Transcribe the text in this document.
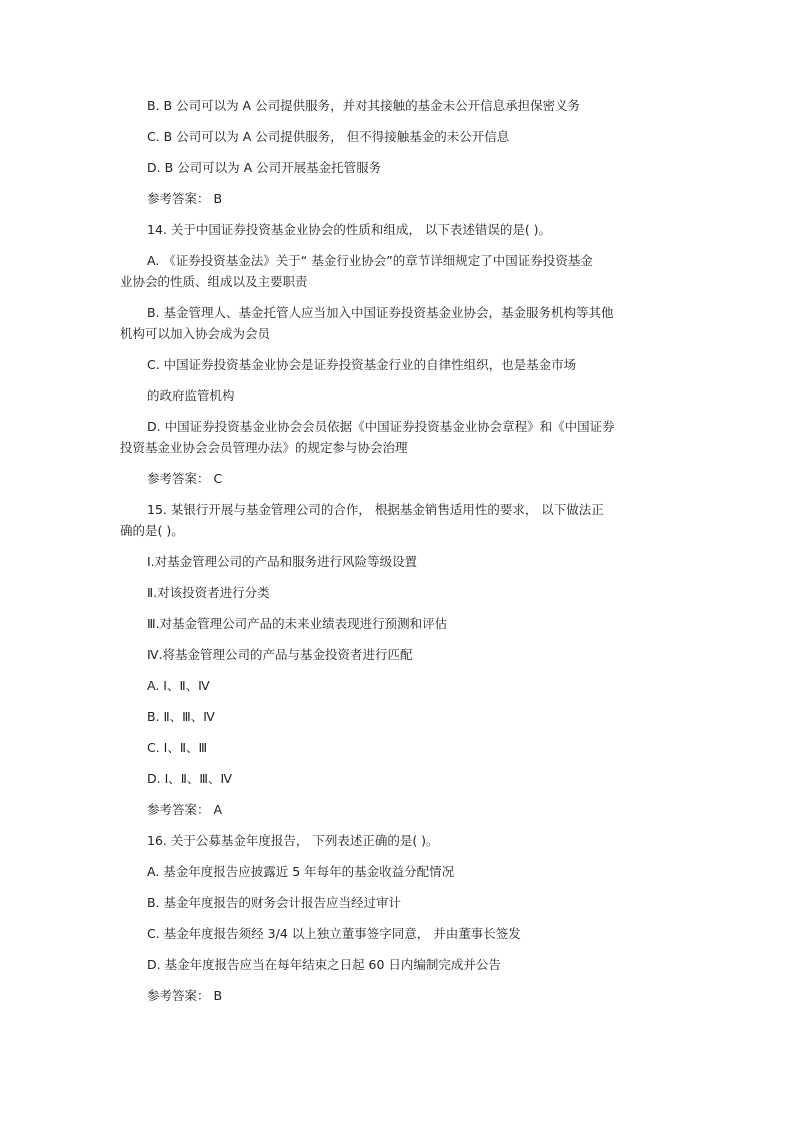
B. B 公司可以为 A 公司提供服务，并对其接触的基金未公开信息承担保密义务
C. B 公司可以为 A 公司提供服务， 但不得接触基金的未公开信息
D. B 公司可以为 A 公司开展基金托管服务
参考答案： B
14. 关于中国证券投资基金业协会的性质和组成， 以下表述错误的是( )。
A. 《证券投资基金法》关于“ 基金行业协会”的章节详细规定了中国证券投资基金
业协会的性质、组成以及主要职责
B. 基金管理人、基金托管人应当加入中国证券投资基金业协会，基金服务机构等其他
机构可以加入协会成为会员
C. 中国证券投资基金业协会是证券投资基金行业的自律性组织，也是基金市场
的政府监管机构
D. 中国证券投资基金业协会会员依据《中国证券投资基金业协会章程》和《中国证券
投资基金业协会会员管理办法》的规定参与协会治理
参考答案： C
15. 某银行开展与基金管理公司的合作， 根据基金销售适用性的要求， 以下做法正
确的是( )。
Ⅰ.对基金管理公司的产品和服务进行风险等级设置
Ⅱ.对该投资者进行分类
Ⅲ.对基金管理公司产品的未来业绩表现进行预测和评估
Ⅳ.将基金管理公司的产品与基金投资者进行匹配
A. Ⅰ、Ⅱ、Ⅳ
B. Ⅱ、Ⅲ、Ⅳ
C. Ⅰ、Ⅱ、Ⅲ
D. Ⅰ、Ⅱ、Ⅲ、Ⅳ
参考答案： A
16. 关于公募基金年度报告， 下列表述正确的是( )。
A. 基金年度报告应披露近 5 年每年的基金收益分配情况
B. 基金年度报告的财务会计报告应当经过审计
C. 基金年度报告须经 3/4 以上独立董事签字同意， 并由董事长签发
D. 基金年度报告应当在每年结束之日起 60 日内编制完成并公告
参考答案： B
